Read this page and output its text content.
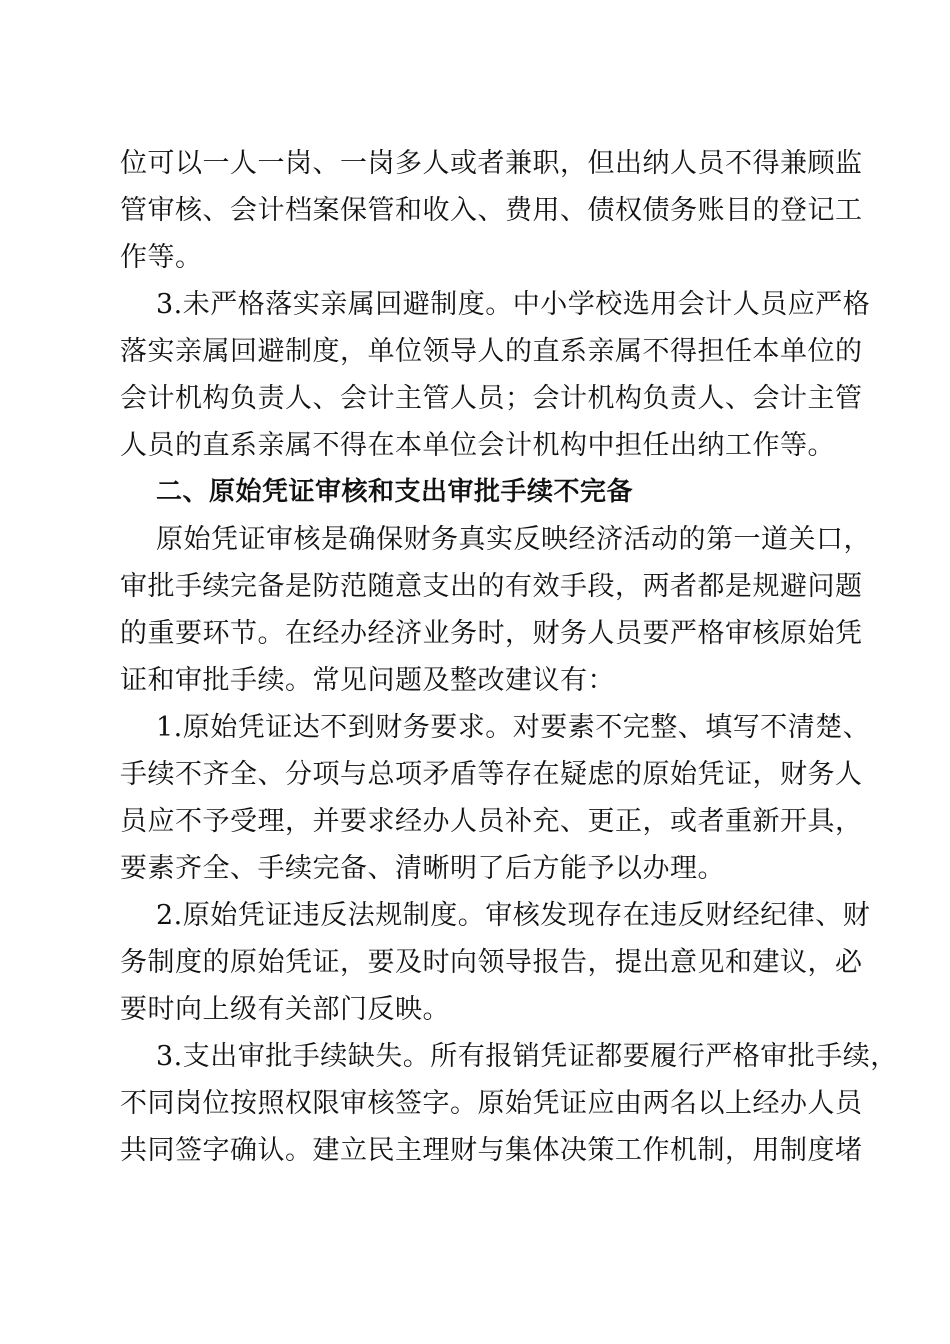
位可以一人一岗、一岗多人或者兼职，但出纳人员不得兼顾监
管审核、会计档案保管和收入、费用、债权债务账目的登记工
作等。

3.未严格落实亲属回避制度。中小学校选用会计人员应严格
落实亲属回避制度，单位领导人的直系亲属不得担任本单位的
会计机构负责人、会计主管人员；会计机构负责人、会计主管
人员的直系亲属不得在本单位会计机构中担任出纳工作等。

二、原始凭证审核和支出审批手续不完备

原始凭证审核是确保财务真实反映经济活动的第一道关口，
审批手续完备是防范随意支出的有效手段，两者都是规避问题
的重要环节。在经办经济业务时，财务人员要严格审核原始凭
证和审批手续。常见问题及整改建议有：

1.原始凭证达不到财务要求。对要素不完整、填写不清楚、
手续不齐全、分项与总项矛盾等存在疑虑的原始凭证，财务人
员应不予受理，并要求经办人员补充、更正，或者重新开具，
要素齐全、手续完备、清晰明了后方能予以办理。

2.原始凭证违反法规制度。审核发现存在违反财经纪律、财
务制度的原始凭证，要及时向领导报告，提出意见和建议，必
要时向上级有关部门反映。

3.支出审批手续缺失。所有报销凭证都要履行严格审批手续，
不同岗位按照权限审核签字。原始凭证应由两名以上经办人员
共同签字确认。建立民主理财与集体决策工作机制，用制度堵
